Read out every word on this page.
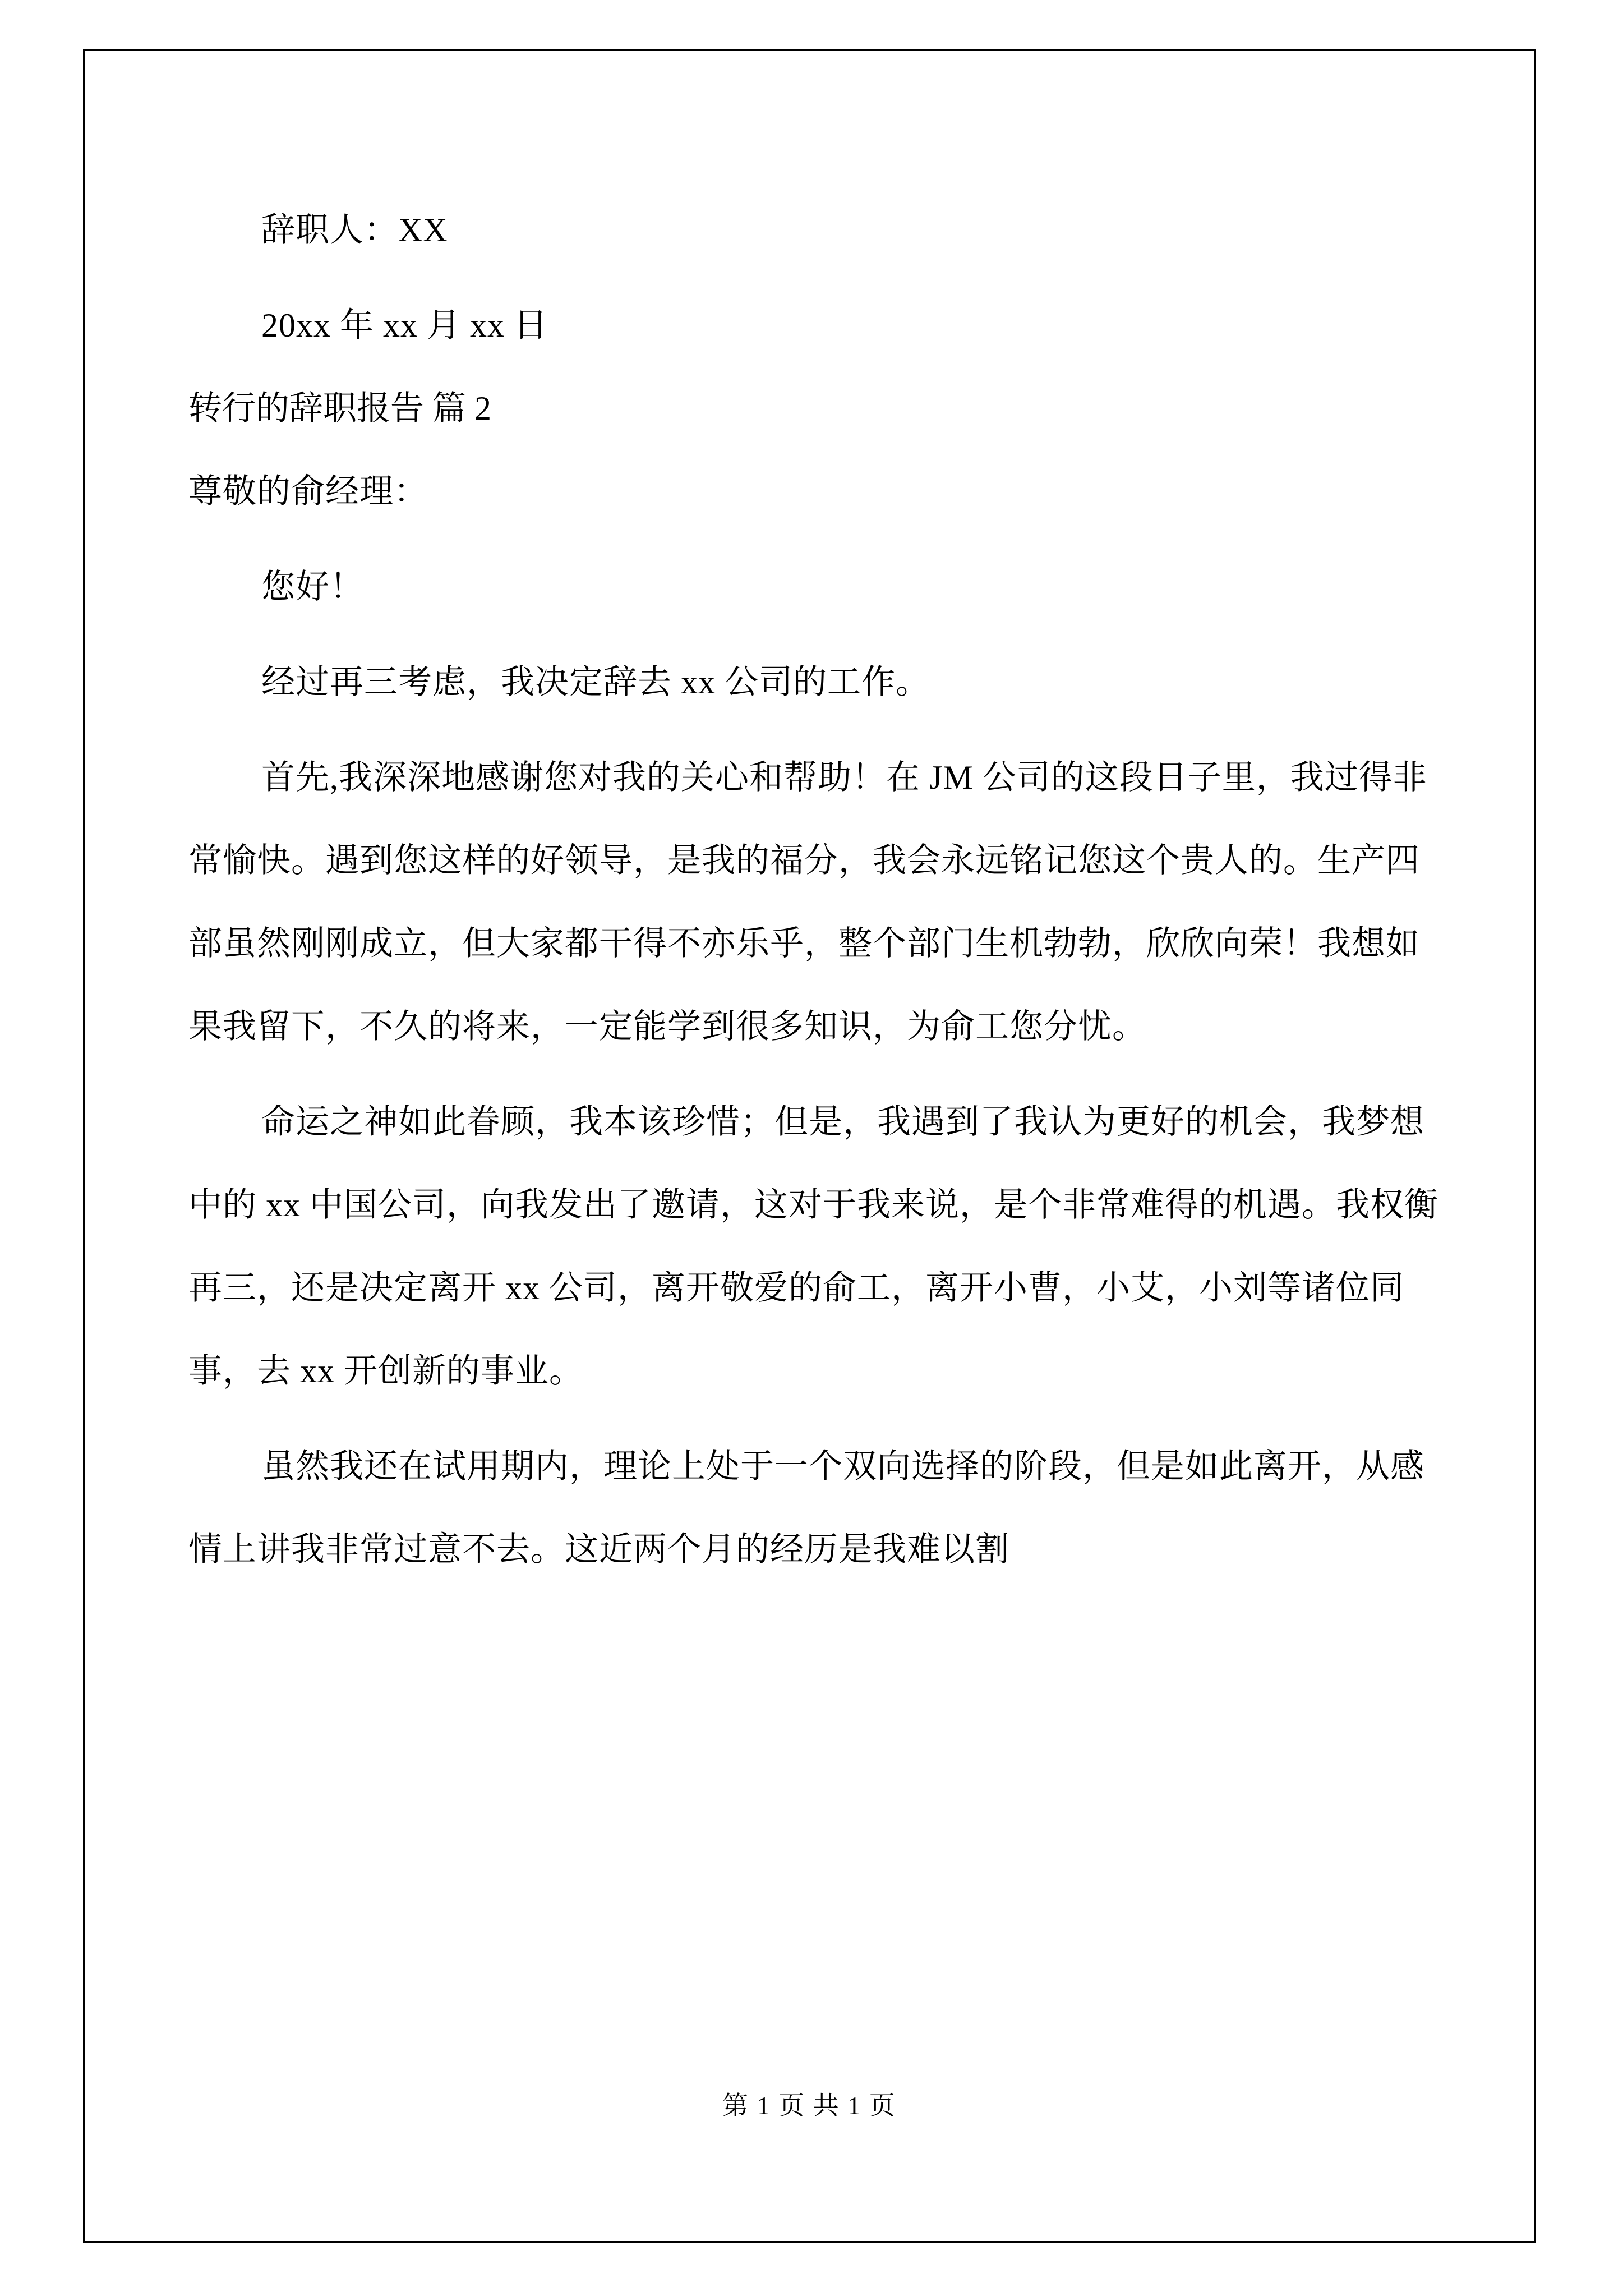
辞职人：XX

20xx 年 xx 月 xx 日

转行的辞职报告 篇 2

尊敬的俞经理：

您好！

经过再三考虑，我决定辞去 xx 公司的工作。

首先,我深深地感谢您对我的关心和帮助！在 JM 公司的这段日子里，我过得非常愉快。遇到您这样的好领导，是我的福分，我会永远铭记您这个贵人的。生产四部虽然刚刚成立，但大家都干得不亦乐乎，整个部门生机勃勃，欣欣向荣！我想如果我留下，不久的将来，一定能学到很多知识，为俞工您分忧。

命运之神如此眷顾，我本该珍惜；但是，我遇到了我认为更好的机会，我梦想中的 xx 中国公司，向我发出了邀请，这对于我来说，是个非常难得的机遇。我权衡再三，还是决定离开 xx 公司，离开敬爱的俞工，离开小曹，小艾，小刘等诸位同事，去 xx 开创新的事业。

虽然我还在试用期内，理论上处于一个双向选择的阶段，但是如此离开，从感情上讲我非常过意不去。这近两个月的经历是我难以割

第 1 页 共 1 页
